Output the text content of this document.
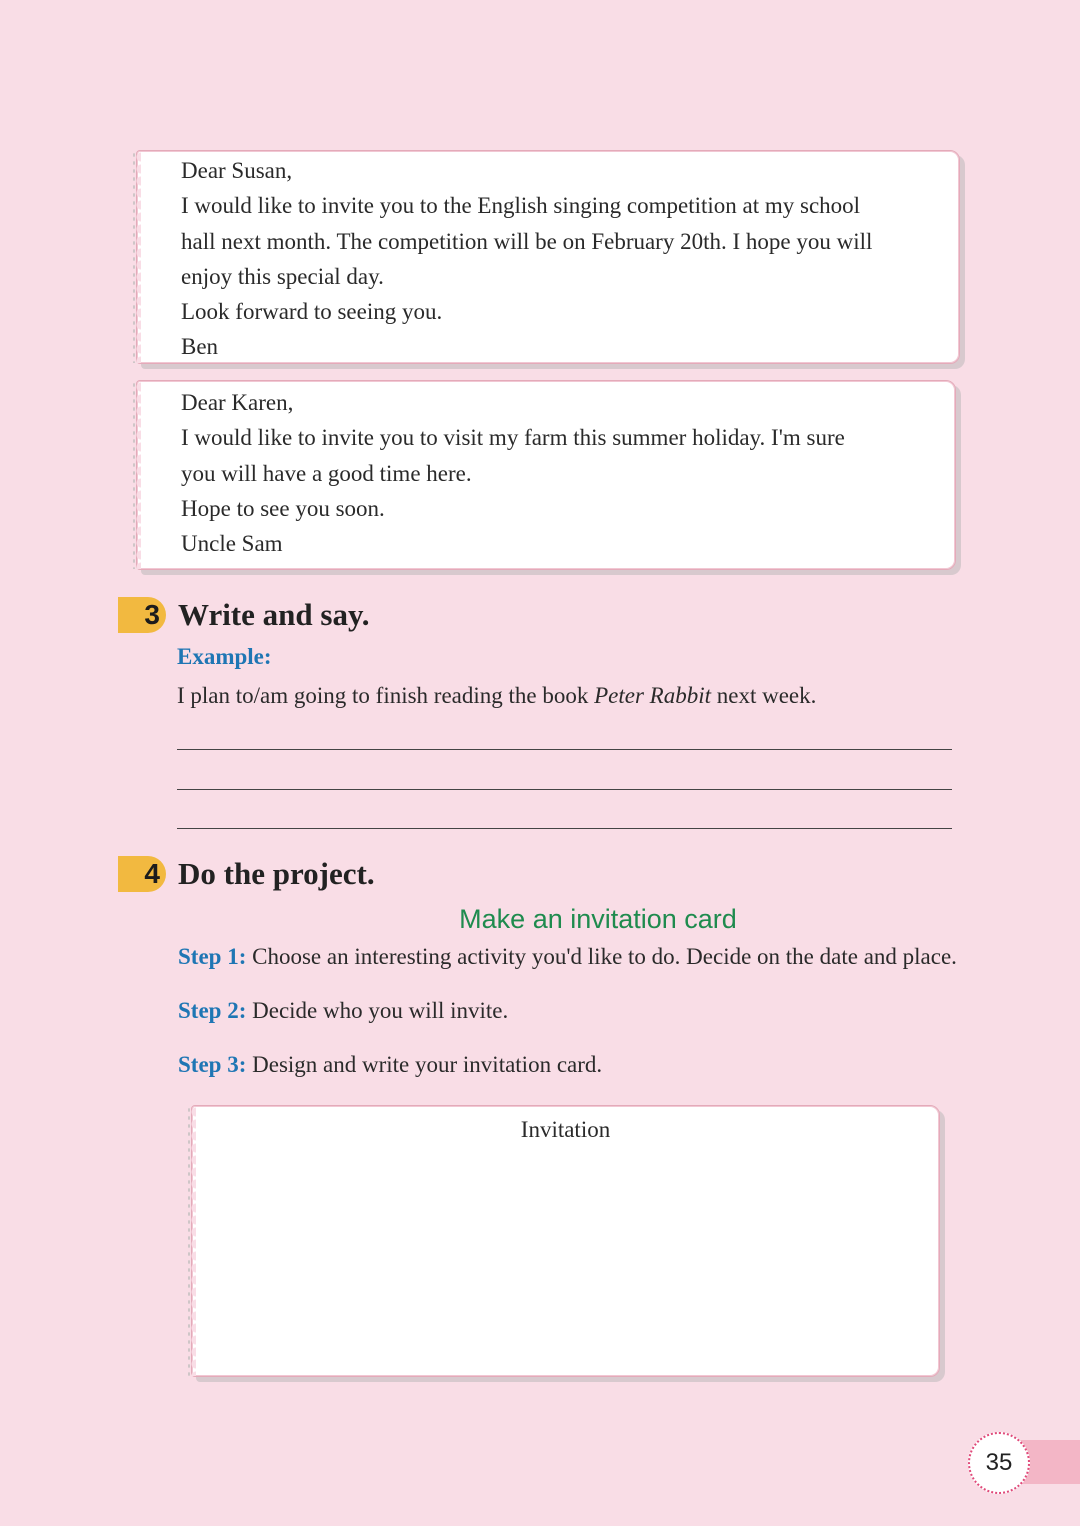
Dear Susan,
I would like to invite you to the English singing competition at my school
hall next month. The competition will be on February 20th. I hope you will
enjoy this special day.
Look forward to seeing you.
Ben
Dear Karen,
I would like to invite you to visit my farm this summer holiday. I'm sure
you will have a good time here.
Hope to see you soon.
Uncle Sam
3 Write and say.
Example:
I plan to/am going to finish reading the book Peter Rabbit next week.
4 Do the project.
Make an invitation card
Step 1: Choose an interesting activity you'd like to do. Decide on the date and place.
Step 2: Decide who you will invite.
Step 3: Design and write your invitation card.
Invitation
35
